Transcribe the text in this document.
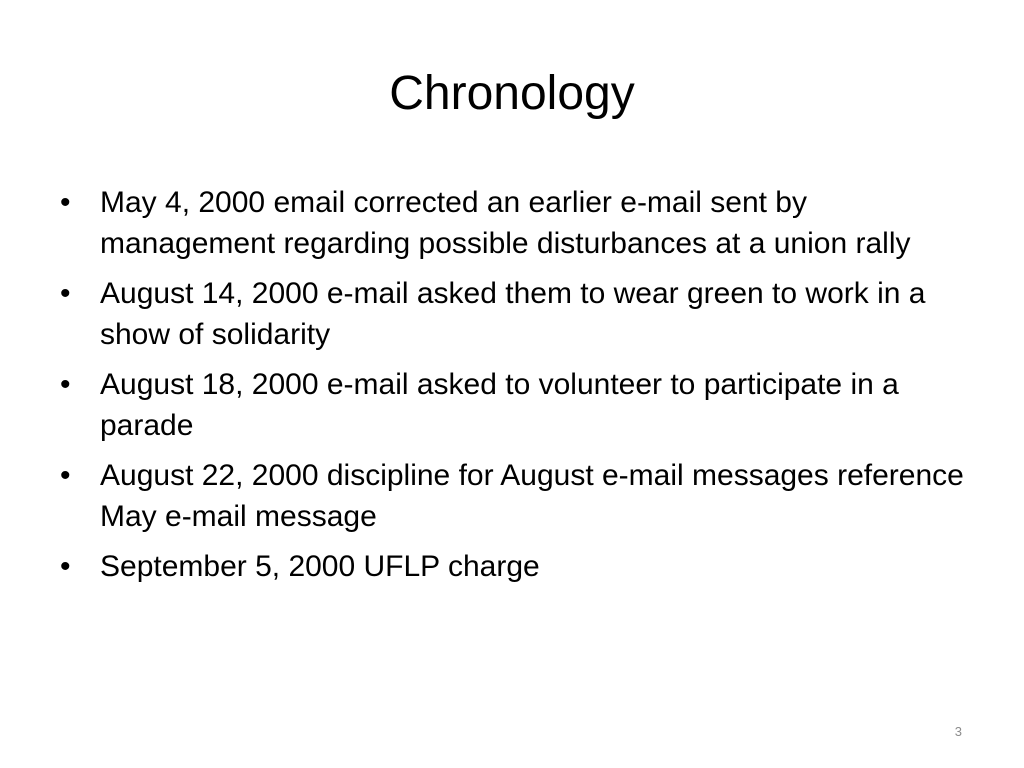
Chronology
• May 4, 2000 email corrected an earlier e-mail sent by management regarding possible disturbances at a union rally
• August 14, 2000 e-mail asked them to wear green to work in a show of solidarity
• August 18, 2000 e-mail asked to volunteer to participate in a parade
• August 22, 2000 discipline for August e-mail messages reference May e-mail message
• September 5, 2000 UFLP charge
3
